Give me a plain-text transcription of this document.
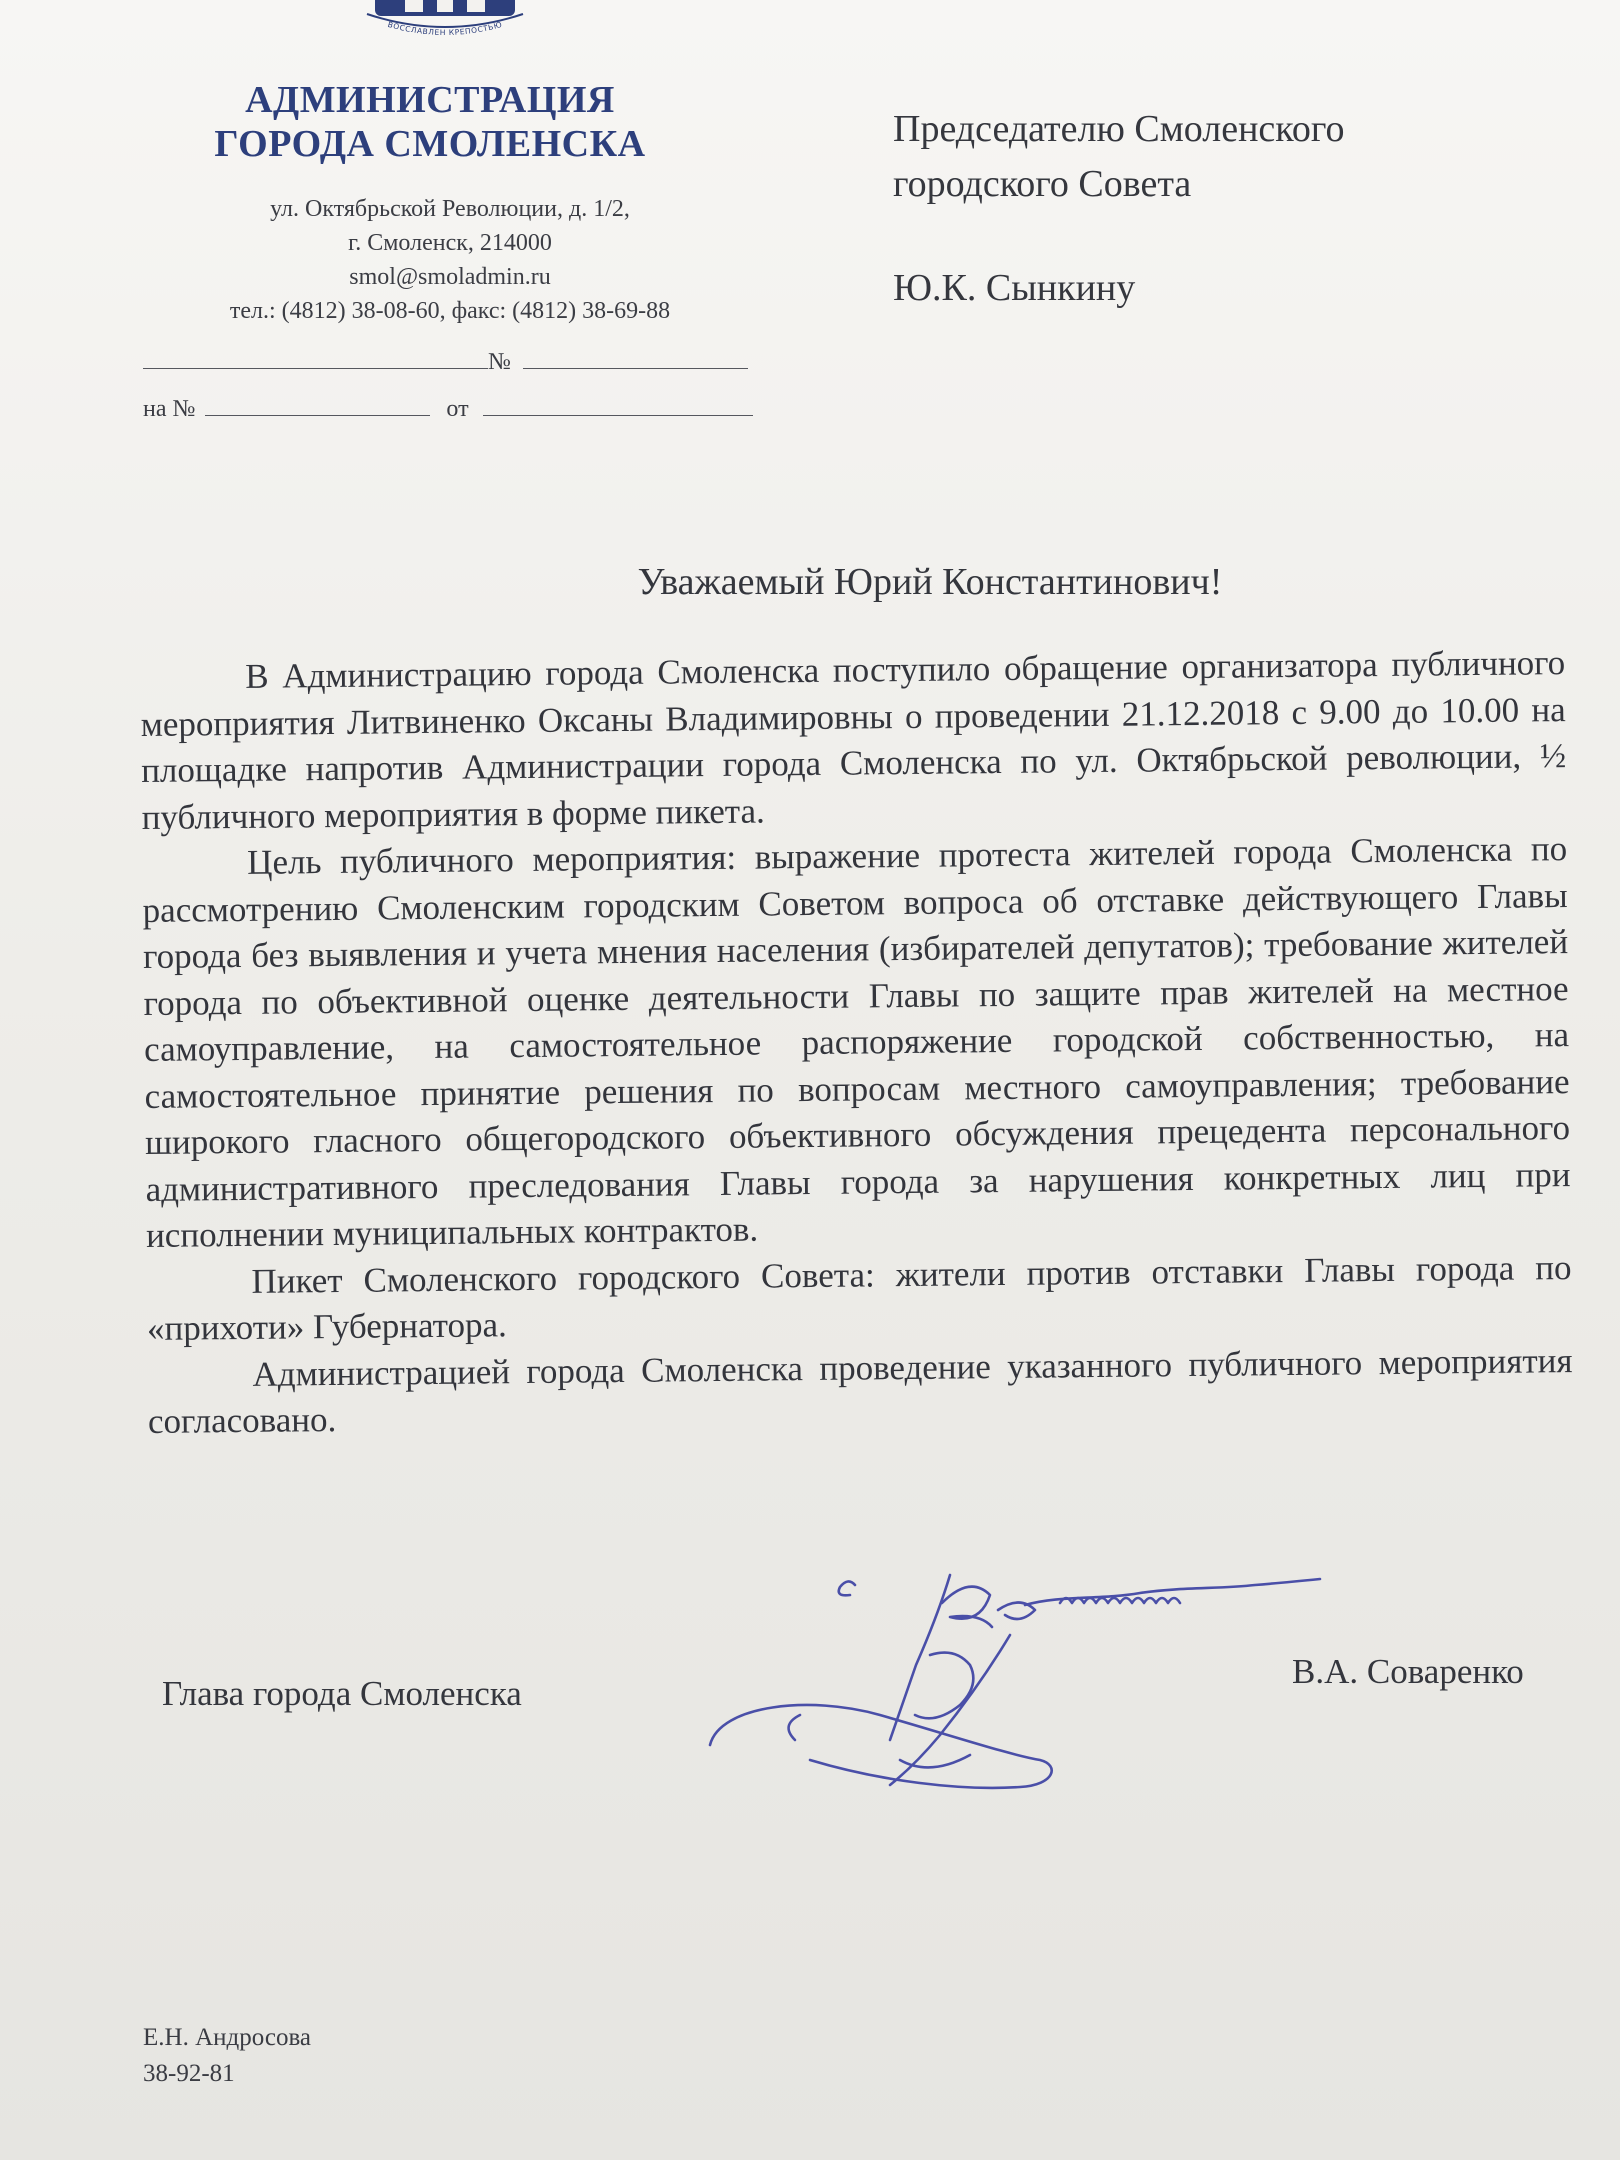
ВОССЛАВЛЕН КРЕПОСТЬЮ
АДМИНИСТРАЦИЯ
ГОРОДА СМОЛЕНСКА
ул. Октябрьской Революции, д. 1/2,
г. Смоленск, 214000
smol@smoladmin.ru
тел.: (4812) 38-08-60, факс: (4812) 38-69-88
№
на №	от
Председателю Смоленского
городского Совета
Ю.К. Сынкину
Уважаемый Юрий Константинович!

В Администрацию города Смоленска поступило обращение организатора публичного мероприятия Литвиненко Оксаны Владимировны о проведении 21.12.2018 с 9.00 до 10.00 на площадке напротив Администрации города Смоленска по ул. Октябрьской революции, ½ публичного мероприятия в форме пикета.

Цель публичного мероприятия: выражение протеста жителей города Смоленска по рассмотрению Смоленским городским Советом вопроса об отставке действующего Главы города без выявления и учета мнения населения (избирателей депутатов); требование жителей города по объективной оценке деятельности Главы по защите прав жителей на местное самоуправление, на самостоятельное распоряжение городской собственностью, на самостоятельное принятие решения по вопросам местного самоуправления; требование широкого гласного общегородского объективного обсуждения прецедента персонального административного преследования Главы города за нарушения конкретных лиц при исполнении муниципальных контрактов.

Пикет Смоленского городского Совета: жители против отставки Главы города по «прихоти» Губернатора.

Администрацией города Смоленска проведение указанного публичного мероприятия согласовано.

Глава города Смоленска
В.А. Соваренко
Е.Н. Андросова
38-92-81
